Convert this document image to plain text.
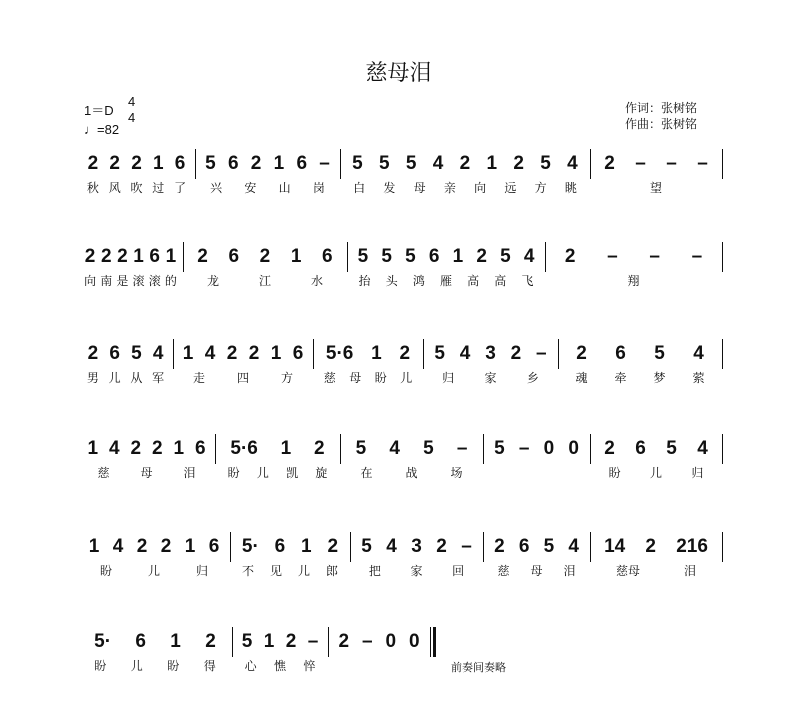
慈母泪
1＝D
4
4
♩=82
作词：张树铭
作曲：张树铭
2 2 2 1 6
秋 风 吹 过 了
5 6 2 1 6 –
兴 安 山 岗
5 5 5 4 2 1 2 5 4
白 发 母 亲 向 远 方 眺
2 – – –
望
2 2 2 1 6 1
向 南 是 滚 滚 的
2 6 2 1 6
龙	江	水
5 5 5 6 1 2 5 4
抬 头 鸿 雁 高 高 飞
2 – – –
翔
2 6 5 4
男 儿 从 军
1 4 2 2 1 6
走	四	方
5·6 1 2
慈 母 盼 儿
5 4 3 2 –
归	家	乡
2 6 5 4
魂 牵 梦 萦
1 4 2 2 1 6
慈	母	泪
5·6 1 2
盼 儿 凯 旋
5 4 5 –
在	战	场
5 – 0 0 2 6 5 4
盼 儿 归
1 4 2 2 1 6
盼	儿	归
5· 6 1 2
不 见 儿 郎
5 4 3 2 –
把 家 回
2 6 5 4
慈 母 泪
14 2 216
慈母	泪
5· 6 1 2
盼 儿 盼 得
5 1 2 –
心 憔 悴
2 – 0 0
前奏间奏略
